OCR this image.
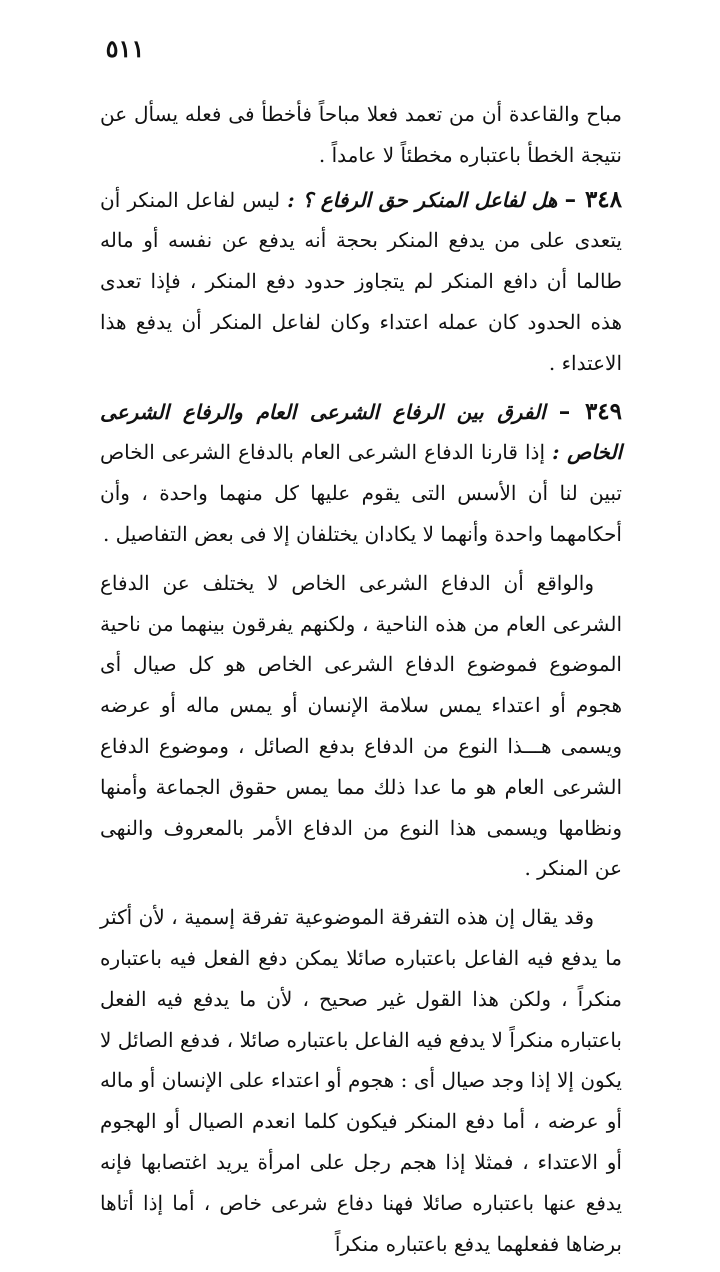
٥١١

مباح والقاعدة أن من تعمد فعلا مباحاً فأخطأ فى فعله يسأل عن نتيجة الخطأ باعتباره مخطئاً لا عامداً .

٣٤٨ – هل لفاعل المنكر حق الرفاع ؟ : ليس لفاعل المنكر أن يتعدى على من يدفع المنكر بحجة أنه يدفع عن نفسه أو ماله طالما أن دافع المنكر لم يتجاوز حدود دفع المنكر ، فإذا تعدى هذه الحدود كان عمله اعتداء وكان لفاعل المنكر أن يدفع هذا الاعتداء .

٣٤٩ – الفرق بين الرفاع الشرعى العام والرفاع الشرعى الخاص : إذا قارنا الدفاع الشرعى العام بالدفاع الشرعى الخاص تبين لنا أن الأسس التى يقوم عليها كل منهما واحدة ، وأن أحكامهما واحدة وأنهما لا يكادان يختلفان إلا فى بعض التفاصيل .

والواقع أن الدفاع الشرعى الخاص لا يختلف عن الدفاع الشرعى العام من هذه الناحية ، ولكنهم يفرقون بينهما من ناحية الموضوع فموضوع الدفاع الشرعى الخاص هو كل صيال أى هجوم أو اعتداء يمس سلامة الإنسان أو يمس ماله أو عرضه ويسمى هـــذا النوع من الدفاع بدفع الصائل ، وموضوع الدفاع الشرعى العام هو ما عدا ذلك مما يمس حقوق الجماعة وأمنها ونظامها ويسمى هذا النوع من الدفاع الأمر بالمعروف والنهى عن المنكر .

وقد يقال إن هذه التفرقة الموضوعية تفرقة إسمية ، لأن أكثر ما يدفع فيه الفاعل باعتباره صائلا يمكن دفع الفعل فيه باعتباره منكراً ، ولكن هذا القول غير صحيح ، لأن ما يدفع فيه الفعل باعتباره منكراً لا يدفع فيه الفاعل باعتباره صائلا ، فدفع الصائل لا يكون إلا إذا وجد صيال أى : هجوم أو اعتداء على الإنسان أو ماله أو عرضه ، أما دفع المنكر فيكون كلما انعدم الصيال أو الهجوم أو الاعتداء ، فمثلا إذا هجم رجل على امرأة يريد اغتصابها فإنه يدفع عنها باعتباره صائلا فهنا دفاع شرعى خاص ، أما إذا أتاها برضاها ففعلهما يدفع باعتباره منكراً
